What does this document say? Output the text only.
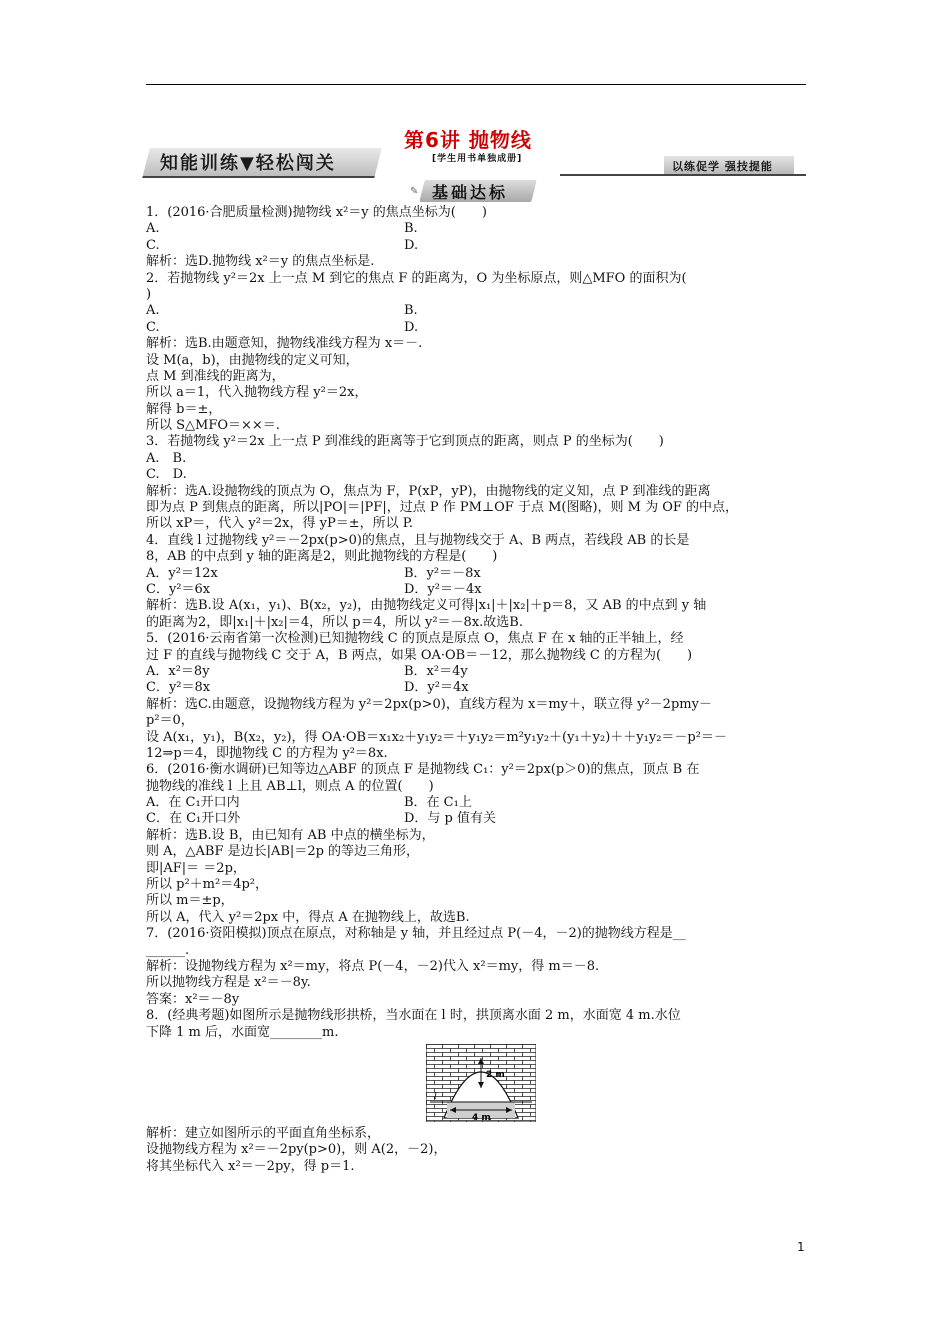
知能训练▼轻松闯关
第6讲 抛物线
[学生用书单独成册]
以练促学 强技提能
✎ 基础达标
1．(2016·合肥质量检测)抛物线 x²＝y 的焦点坐标为(　　)
A.	B.
C.	D.
解析：选D.抛物线 x²＝y 的焦点坐标是.
2．若抛物线 y²＝2x 上一点 M 到它的焦点 F 的距离为，O 为坐标原点，则△MFO 的面积为(
)
A.	B.
C.	D.
解析：选B.由题意知，抛物线准线方程为 x＝－.
设 M(a，b)，由抛物线的定义可知，
点 M 到准线的距离为，
所以 a＝1，代入抛物线方程 y²＝2x，
解得 b＝±，
所以 S△MFO＝××＝.
3．若抛物线 y²＝2x 上一点 P 到准线的距离等于它到顶点的距离，则点 P 的坐标为(　　)
A.　B.
C.　D.
解析：选A.设抛物线的顶点为 O，焦点为 F，P(xP，yP)，由抛物线的定义知，点 P 到准线的距离
即为点 P 到焦点的距离，所以|PO|＝|PF|，过点 P 作 PM⊥OF 于点 M(图略)，则 M 为 OF 的中点，
所以 xP＝，代入 y²＝2x，得 yP＝±，所以 P.
4．直线 l 过抛物线 y²＝－2px(p>0)的焦点，且与抛物线交于 A、B 两点，若线段 AB 的长是
8，AB 的中点到 y 轴的距离是2，则此抛物线的方程是(　　)
A．y²＝12x	B．y²＝－8x
C．y²＝6x	D．y²＝－4x
解析：选B.设 A(x₁，y₁)、B(x₂，y₂)，由抛物线定义可得|x₁|＋|x₂|＋p＝8，又 AB 的中点到 y 轴
的距离为2，即|x₁|＋|x₂|＝4，所以 p＝4，所以 y²＝－8x.故选B.
5．(2016·云南省第一次检测)已知抛物线 C 的顶点是原点 O，焦点 F 在 x 轴的正半轴上，经
过 F 的直线与抛物线 C 交于 A，B 两点，如果 OA·OB＝－12，那么抛物线 C 的方程为(　　)
A．x²＝8y	B．x²＝4y
C．y²＝8x	D．y²＝4x
解析：选C.由题意，设抛物线方程为 y²＝2px(p>0)，直线方程为 x＝my＋，联立得 y²－2pmy－
p²＝0，
设 A(x₁，y₁)，B(x₂，y₂)，得 OA·OB＝x₁x₂＋y₁y₂＝＋y₁y₂＝m²y₁y₂＋(y₁＋y₂)＋＋y₁y₂＝－p²＝－
12⇒p＝4，即抛物线 C 的方程为 y²＝8x.
6．(2016·衡水调研)已知等边△ABF 的顶点 F 是抛物线 C₁：y²＝2px(p＞0)的焦点，顶点 B 在
抛物线的准线 l 上且 AB⊥l，则点 A 的位置(　　)
A．在 C₁开口内	B．在 C₁上
C．在 C₁开口外	D．与 p 值有关
解析：选B.设 B，由已知有 AB 中点的横坐标为，
则 A，△ABF 是边长|AB|＝2p 的等边三角形，
即|AF|＝ ＝2p，
所以 p²＋m²＝4p²，
所以 m＝±p，
所以 A，代入 y²＝2px 中，得点 A 在抛物线上，故选B.
7．(2016·资阳模拟)顶点在原点，对称轴是 y 轴，并且经过点 P(－4，－2)的抛物线方程是__
______.
解析：设抛物线方程为 x²＝my，将点 P(－4，－2)代入 x²＝my，得 m＝－8.
所以抛物线方程是 x²＝－8y.
答案：x²＝－8y
8．(经典考题)如图所示是抛物线形拱桥，当水面在 l 时，拱顶离水面 2 m，水面宽 4 m.水位
下降 1 m 后，水面宽________m.
2 m
4 m
l
解析：建立如图所示的平面直角坐标系，
设抛物线方程为 x²＝－2py(p>0)，则 A(2，－2)，
将其坐标代入 x²＝－2py，得 p＝1.
1
